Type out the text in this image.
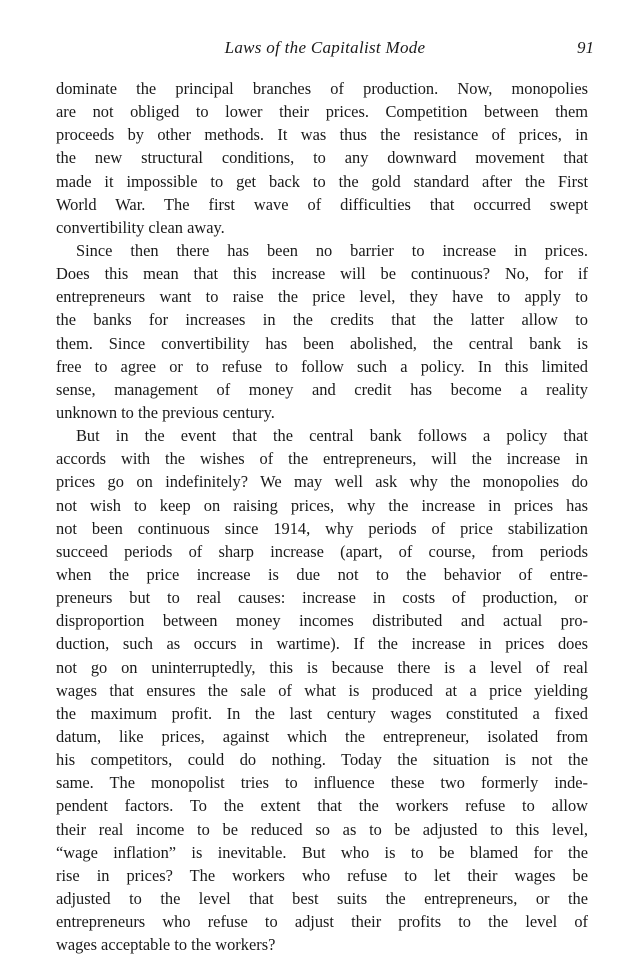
Laws of the Capitalist Mode	91
dominate the principal branches of production. Now, monopolies
are not obliged to lower their prices. Competition between them
proceeds by other methods. It was thus the resistance of prices, in
the new structural conditions, to any downward movement that
made it impossible to get back to the gold standard after the First
World War. The first wave of difficulties that occurred swept
convertibility clean away.
Since then there has been no barrier to increase in prices.
Does this mean that this increase will be continuous? No, for if
entrepreneurs want to raise the price level, they have to apply to
the banks for increases in the credits that the latter allow to
them. Since convertibility has been abolished, the central bank is
free to agree or to refuse to follow such a policy. In this limited
sense, management of money and credit has become a reality
unknown to the previous century.
But in the event that the central bank follows a policy that
accords with the wishes of the entrepreneurs, will the increase in
prices go on indefinitely? We may well ask why the monopolies do
not wish to keep on raising prices, why the increase in prices has
not been continuous since 1914, why periods of price stabilization
succeed periods of sharp increase (apart, of course, from periods
when the price increase is due not to the behavior of entre-
preneurs but to real causes: increase in costs of production, or
disproportion between money incomes distributed and actual pro-
duction, such as occurs in wartime). If the increase in prices does
not go on uninterruptedly, this is because there is a level of real
wages that ensures the sale of what is produced at a price yielding
the maximum profit. In the last century wages constituted a fixed
datum, like prices, against which the entrepreneur, isolated from
his competitors, could do nothing. Today the situation is not the
same. The monopolist tries to influence these two formerly inde-
pendent factors. To the extent that the workers refuse to allow
their real income to be reduced so as to be adjusted to this level,
“wage inflation” is inevitable. But who is to be blamed for the
rise in prices? The workers who refuse to let their wages be
adjusted to the level that best suits the entrepreneurs, or the
entrepreneurs who refuse to adjust their profits to the level of
wages acceptable to the workers?
